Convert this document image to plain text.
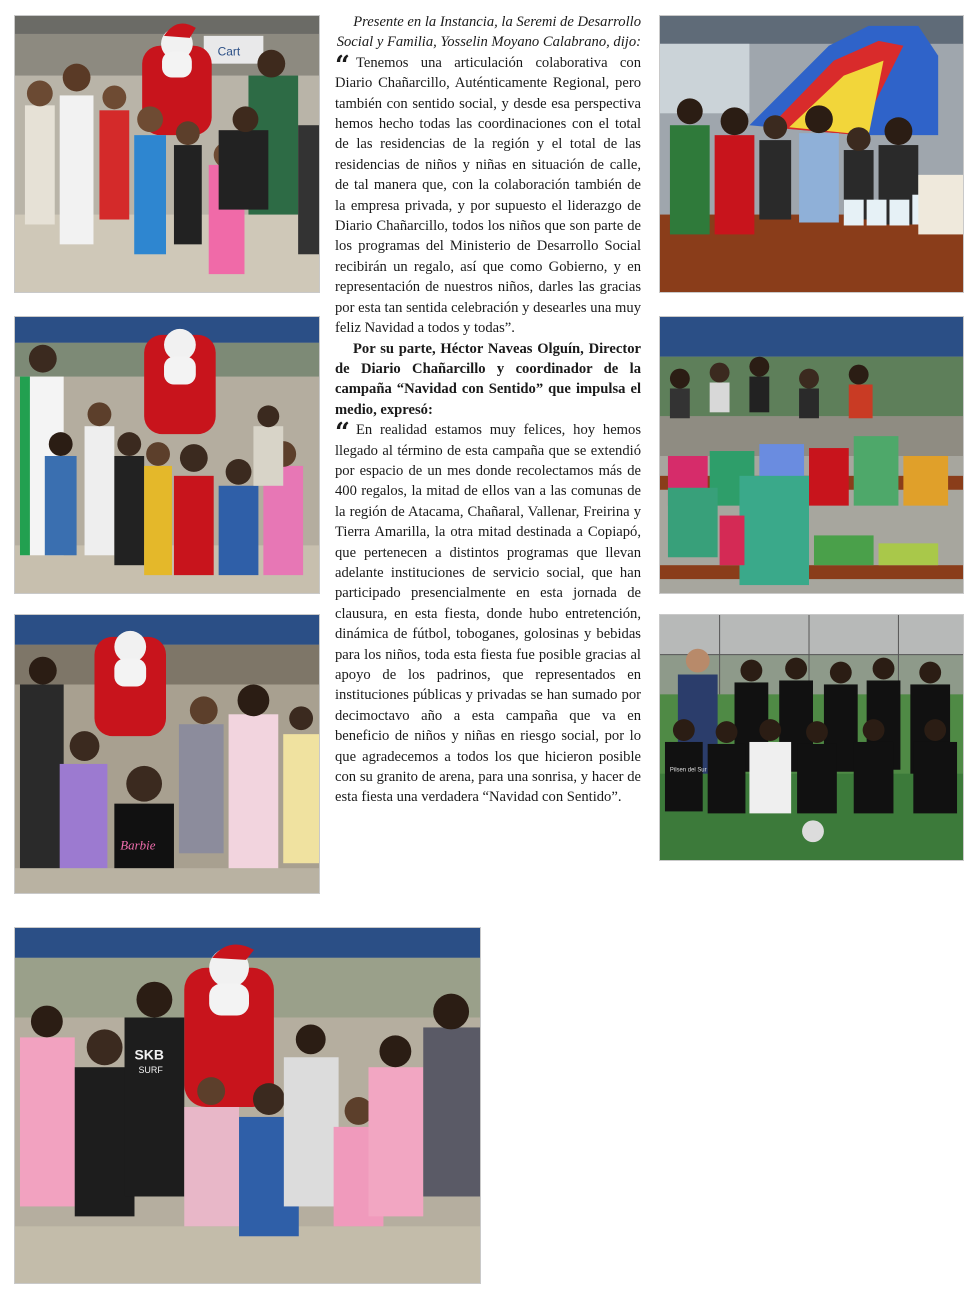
Cart
Barbie
Pilsen del Sur
SKB
SURF

Presente en la Instancia, la Seremi de Desarrollo Social y Familia, Yosselin Moyano Calabrano, dijo:

“ Tenemos una articulación colaborativa con Diario Chañarcillo, Auténticamente Regional, pero también con sentido social, y desde esa perspectiva hemos hecho todas las coordinaciones con el total de las residencias de la región y el total de las residencias de niños y niñas en situación de calle, de tal manera que, con la colaboración también de la empresa privada, y por supuesto el liderazgo de Diario Chañarcillo, todos los niños que son parte de los programas del Ministerio de Desarrollo Social recibirán un regalo, así que como Gobierno, y en representación de nuestros niños, darles las gracias por esta tan sentida celebración y desearles una muy feliz Navidad a todos y todas”.

Por su parte, Héctor Naveas Olguín, Director de Diario Chañarcillo y coordinador de la campaña “Navidad con Sentido” que impulsa el medio, expresó:

“ En realidad estamos muy felices, hoy hemos llegado al término de esta campaña que se extendió por espacio de un mes donde recolectamos más de 400 regalos, la mitad de ellos van a las comunas de la región de Atacama, Chañaral, Vallenar, Freirina y Tierra Amarilla, la otra mitad destinada a Copiapó, que pertenecen a distintos programas que llevan adelante instituciones de servicio social, que han participado presencialmente en esta jornada de clausura, en esta fiesta, donde hubo entretención, dinámica de fútbol, toboganes, golosinas y bebidas para los niños, toda esta fiesta fue posible gracias al apoyo de los padrinos, que representados en instituciones públicas y privadas se han sumado por decimoctavo año a esta campaña que va en beneficio de niños y niñas en riesgo social, por lo que agradecemos a todos los que hicieron posible con su granito de arena, para una sonrisa, y hacer de esta fiesta una verdadera “Navidad con Sentido”.
